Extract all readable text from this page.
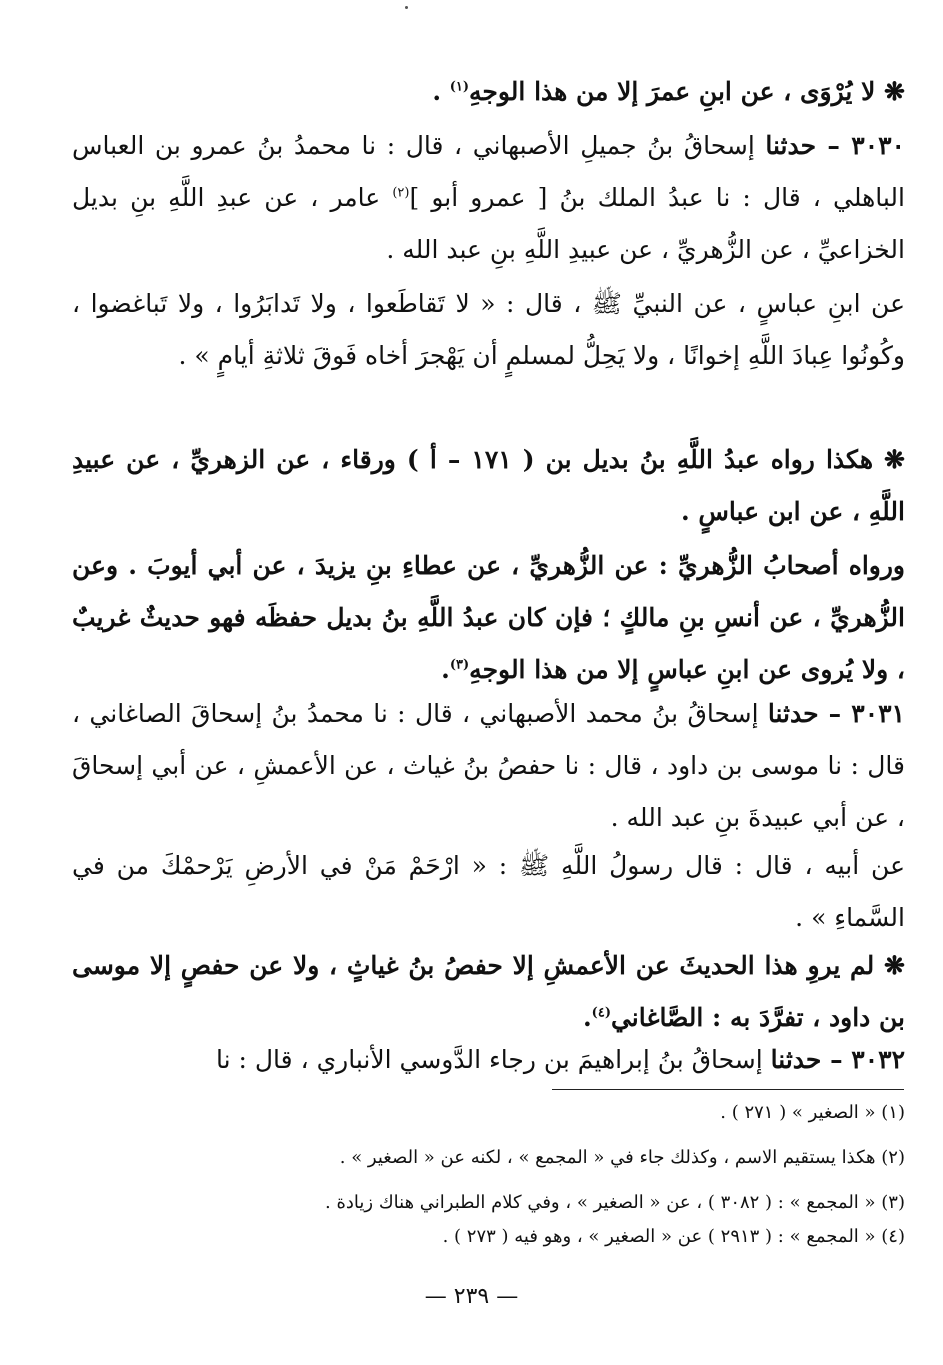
❋ لا يُرْوَى ، عن ابنِ عمرَ إلا من هذا الوجهِ$^{(١)}$ .
٣٠٣٠ – حدثنا إسحاقُ بنُ جميلِ الأصبهاني ، قال : نا محمدُ بنُ عمرو بن العباس الباهلي ، قال : نا عبدُ الملك بنُ [ عمرو أبو ]$^{(٢)}$ عامر ، عن عبدِ اللَّهِ بنِ بديل الخزاعيِّ ، عن الزُّهريِّ ، عن عبيدِ اللَّهِ بنِ عبد الله .
عن ابنِ عباسٍ ، عن النبيِّ ﷺ ، قال : « لا تَقاطَعوا ، ولا تَدابَرُوا ، ولا تَباغضوا ، وكُونُوا عِبادَ اللَّهِ إخوانًا ، ولا يَحِلُّ لمسلمٍ أن يَهْجرَ أخاه فَوقَ ثلاثةِ أيامٍ » .
❋ هكذا رواه عبدُ اللَّهِ بنُ بديل بن ( ١٧١ – أ ) ورقاء ، عن الزهريِّ ، عن عبيدِ اللَّهِ ، عن ابن عباسٍ .
ورواه أصحابُ الزُّهريِّ : عن الزُّهريِّ ، عن عطاءِ بنِ يزيدَ ، عن أبي أيوبَ . وعن الزُّهريِّ ، عن أنسِ بنِ مالكٍ ؛ فإن كان عبدُ اللَّهِ بنُ بديل حفظَه فهو حديثٌ غريبٌ ، ولا يُروى عن ابنِ عباسٍ إلا من هذا الوجهِ$^{(٣)}$.
٣٠٣١ – حدثنا إسحاقُ بنُ محمد الأصبهاني ، قال : نا محمدُ بنُ إسحاقَ الصاغاني ، قال : نا موسى بن داود ، قال : نا حفصُ بنُ غياث ، عن الأعمشِ ، عن أبي إسحاقَ ، عن أبي عبيدةَ بنِ عبد الله .
عن أبيه ، قال : قال رسولُ اللَّهِ ﷺ : « ارْحَمْ مَنْ في الأرضِ يَرْحمْكَ من في السَّماءِ » .
❋ لم يروِ هذا الحديثَ عن الأعمشِ إلا حفصُ بنُ غياثٍ ، ولا عن حفصٍ إلا موسى بن داود ، تفرَّدَ به : الصَّاغاني$^{(٤)}$.
٣٠٣٢ – حدثنا إسحاقُ بنُ إبراهيمَ بن رجاء الدَّوسي الأنباري ، قال : نا
(١) « الصغير » ( ٢٧١ ) .
(٢) هكذا يستقيم الاسم ، وكذلك جاء في « المجمع » ، لكنه عن « الصغير » .
(٣) « المجمع » : ( ٣٠٨٢ ) ، عن « الصغير » ، وفي كلام الطبراني هناك زيادة .
(٤) « المجمع » : ( ٢٩١٣ ) عن « الصغير » ، وهو فيه ( ٢٧٣ ) .
— ٢٣٩ —
